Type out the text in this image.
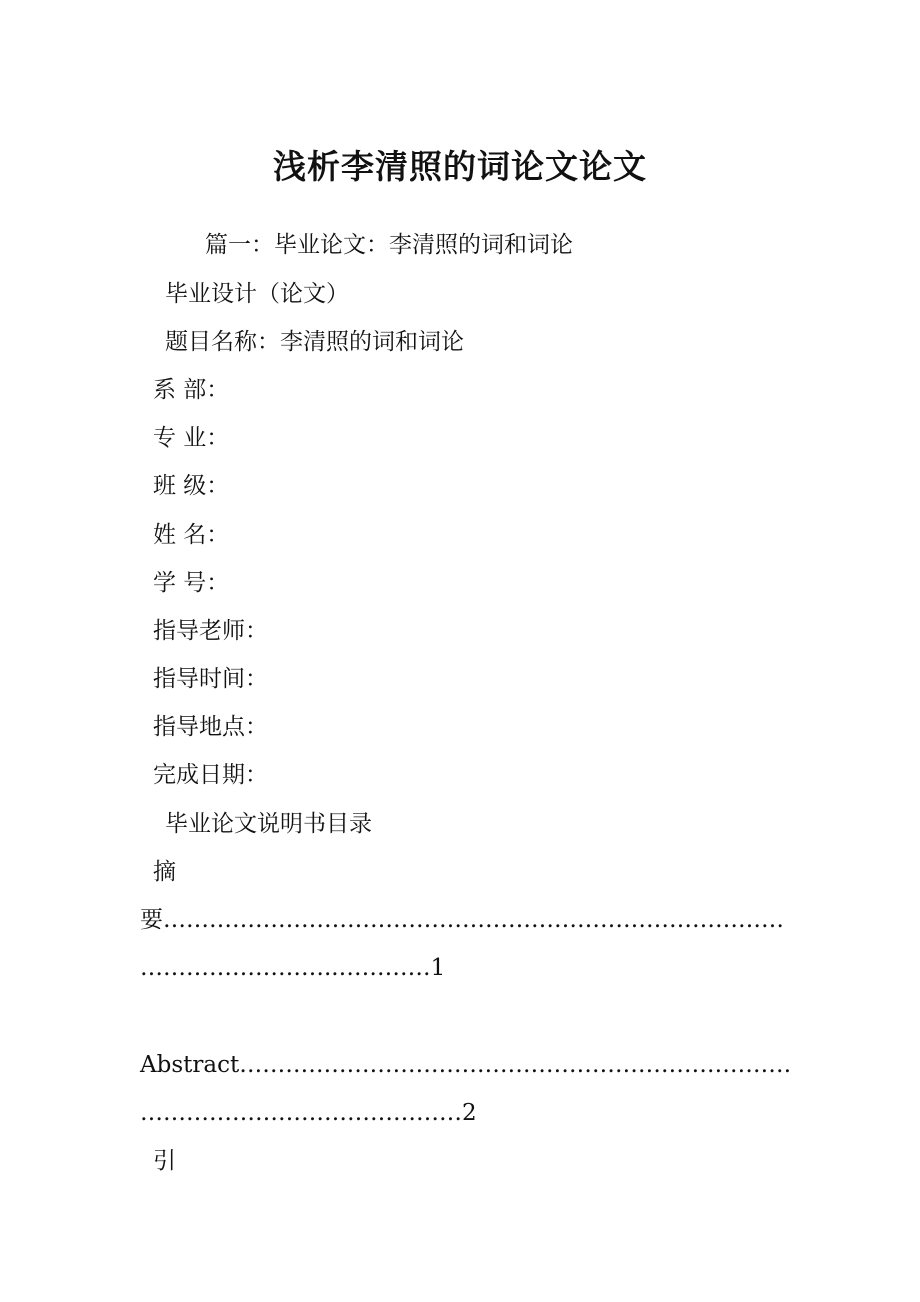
浅析李清照的词论文论文
篇一：毕业论文：李清照的词和词论
毕业设计（论文）
题目名称：李清照的词和词论
系 部：
专 业：
班 级：
姓 名：
学 号：
指导老师：
指导时间：
指导地点：
完成日期：
毕业论文说明书目录
摘
要………………………………………………………………………
……………………..…………1
Abstract………………………………………………………………
……………………………………2
引
